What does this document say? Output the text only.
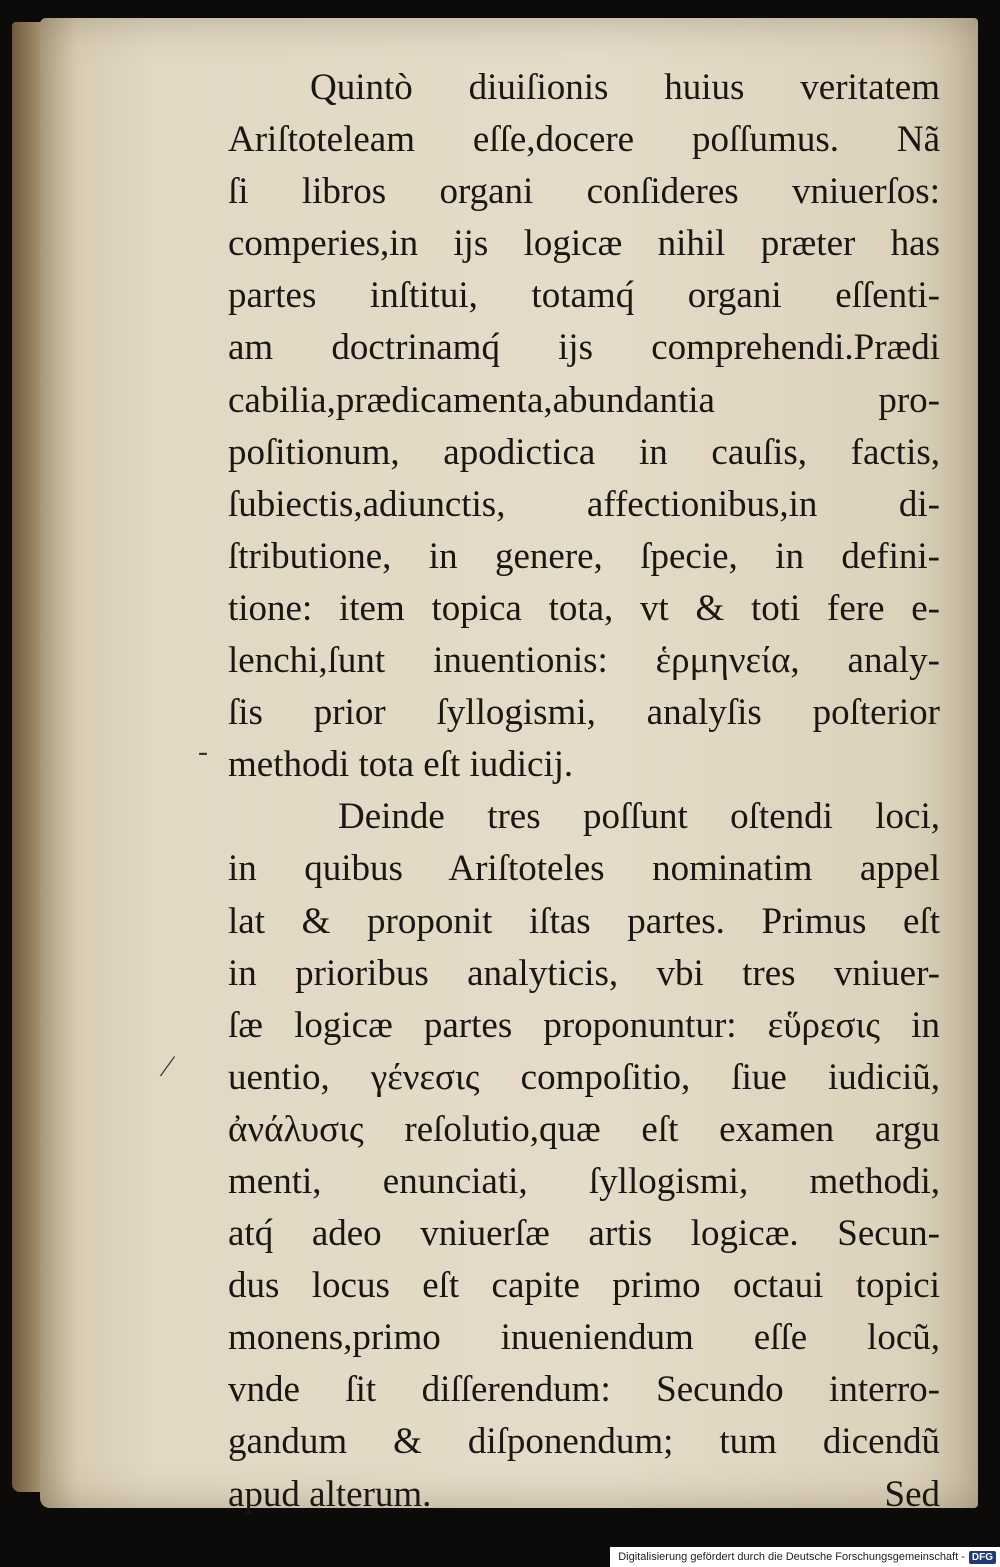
Quintò diuiſionis huius veritatem
Ariſtoteleam eſſe,docere poſſumus. Nã
ſi libros organi conſideres vniuerſos:
comperies,in ĳs logicæ nihil præter has
partes inſtitui, totamq́ organi eſſenti-
am doctrinamq́ ĳs comprehendi.Prædi
cabilia,prædicamenta,abundantia pro-
poſitionum, apodictica in cauſis, factis,
ſubiectis,adiunctis, affectionibus,in di-
ſtributione, in genere, ſpecie, in defini-
tione: item topica tota, vt & toti fere e-
lenchi,ſunt inuentionis: ἑρμηνεία, analy-
ſis prior ſyllogismi, analyſis poſterior
methodi tota eſt iudicĳ.
Deinde tres poſſunt oſtendi loci,
in quibus Ariſtoteles nominatim appel
lat & proponit iſtas partes. Primus eſt
in prioribus analyticis, vbi tres vniuer-
ſæ logicæ partes proponuntur: εὕρεσις in
uentio, γένεσις compoſitio, ſiue iudiciũ,
ἀνάλυσις reſolutio,quæ eſt examen argu
menti, enunciati, ſyllogismi, methodi,
atq́ adeo vniuerſæ artis logicæ. Secun-
dus locus eſt capite primo octaui topici
monens,primo inueniendum eſſe locũ,
vnde ſit diſſerendum: Secundo interro-
gandum & diſponendum; tum dicendũ
apud alterum.	Sed
-
⁄
Digitalisierung gefördert durch die Deutsche Forschungsgemeinschaft - DFG
